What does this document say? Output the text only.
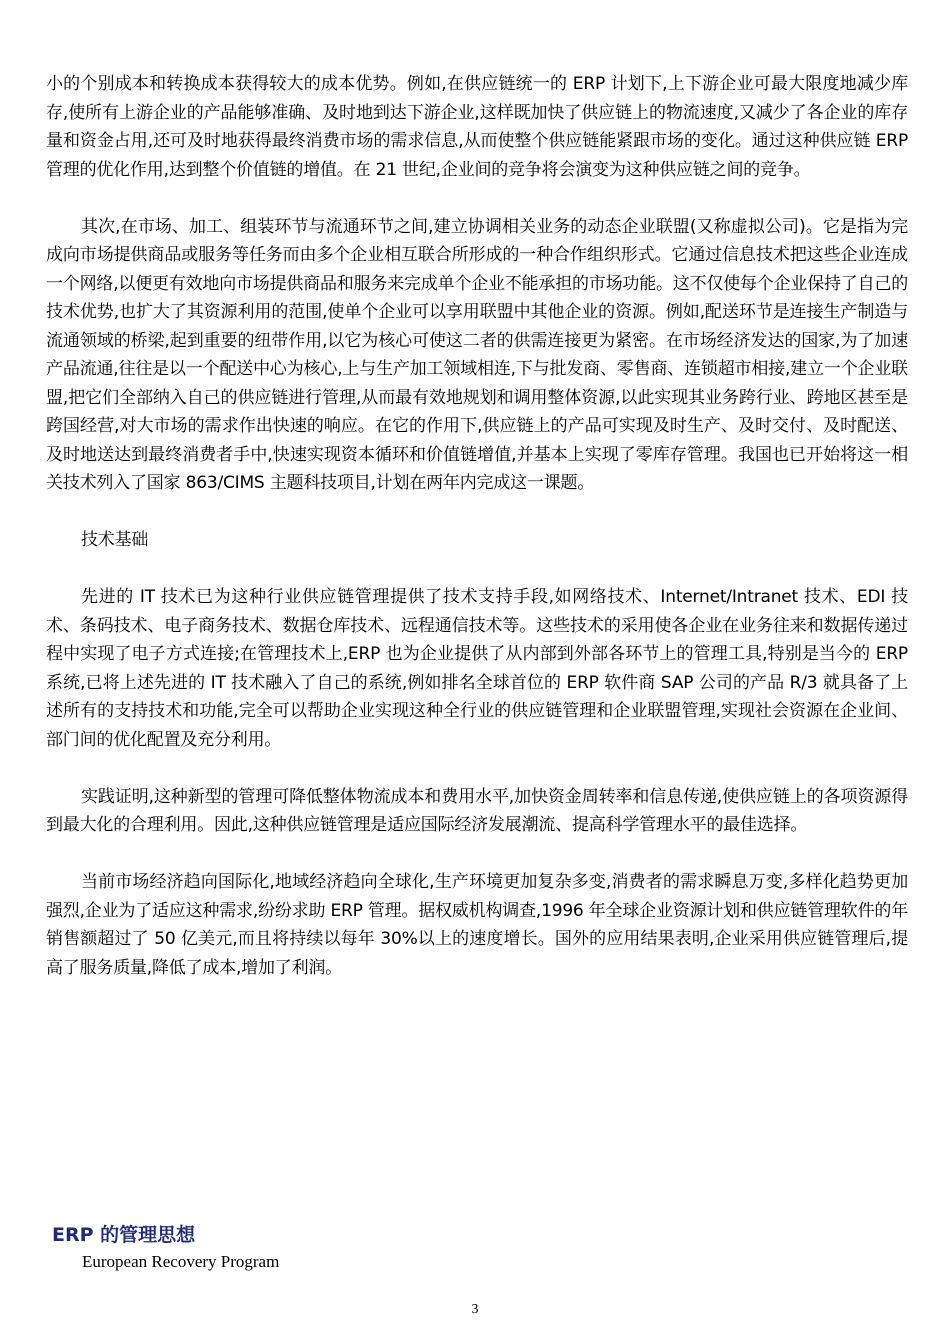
小的个别成本和转换成本获得较大的成本优势。例如,在供应链统一的 ERP 计划下,上下游企业可最大限度地减少库存,使所有上游企业的产品能够准确、及时地到达下游企业,这样既加快了供应链上的物流速度,又减少了各企业的库存量和资金占用,还可及时地获得最终消费市场的需求信息,从而使整个供应链能紧跟市场的变化。通过这种供应链 ERP 管理的优化作用,达到整个价值链的增值。在 21 世纪,企业间的竞争将会演变为这种供应链之间的竞争。

其次,在市场、加工、组装环节与流通环节之间,建立协调相关业务的动态企业联盟(又称虚拟公司)。它是指为完成向市场提供商品或服务等任务而由多个企业相互联合所形成的一种合作组织形式。它通过信息技术把这些企业连成一个网络,以便更有效地向市场提供商品和服务来完成单个企业不能承担的市场功能。这不仅使每个企业保持了自己的技术优势,也扩大了其资源利用的范围,使单个企业可以享用联盟中其他企业的资源。例如,配送环节是连接生产制造与流通领域的桥梁,起到重要的纽带作用,以它为核心可使这二者的供需连接更为紧密。在市场经济发达的国家,为了加速产品流通,往往是以一个配送中心为核心,上与生产加工领域相连,下与批发商、零售商、连锁超市相接,建立一个企业联盟,把它们全部纳入自己的供应链进行管理,从而最有效地规划和调用整体资源,以此实现其业务跨行业、跨地区甚至是跨国经营,对大市场的需求作出快速的响应。在它的作用下,供应链上的产品可实现及时生产、及时交付、及时配送、及时地送达到最终消费者手中,快速实现资本循环和价值链增值,并基本上实现了零库存管理。我国也已开始将这一相关技术列入了国家 863/CIMS 主题科技项目,计划在两年内完成这一课题。

技术基础

先进的 IT 技术已为这种行业供应链管理提供了技术支持手段,如网络技术、Internet/Intranet 技术、EDI 技术、条码技术、电子商务技术、数据仓库技术、远程通信技术等。这些技术的采用使各企业在业务往来和数据传递过程中实现了电子方式连接;在管理技术上,ERP 也为企业提供了从内部到外部各环节上的管理工具,特别是当今的 ERP 系统,已将上述先进的 IT 技术融入了自己的系统,例如排名全球首位的 ERP 软件商 SAP 公司的产品 R/3 就具备了上述所有的支持技术和功能,完全可以帮助企业实现这种全行业的供应链管理和企业联盟管理,实现社会资源在企业间、部门间的优化配置及充分利用。

实践证明,这种新型的管理可降低整体物流成本和费用水平,加快资金周转率和信息传递,使供应链上的各项资源得到最大化的合理利用。因此,这种供应链管理是适应国际经济发展潮流、提高科学管理水平的最佳选择。

当前市场经济趋向国际化,地域经济趋向全球化,生产环境更加复杂多变,消费者的需求瞬息万变,多样化趋势更加强烈,企业为了适应这种需求,纷纷求助 ERP 管理。据权威机构调查,1996 年全球企业资源计划和供应链管理软件的年销售额超过了 50 亿美元,而且将持续以每年 30%以上的速度增长。国外的应用结果表明,企业采用供应链管理后,提高了服务质量,降低了成本,增加了利润。

ERP 的管理思想
European Recovery Program
3
